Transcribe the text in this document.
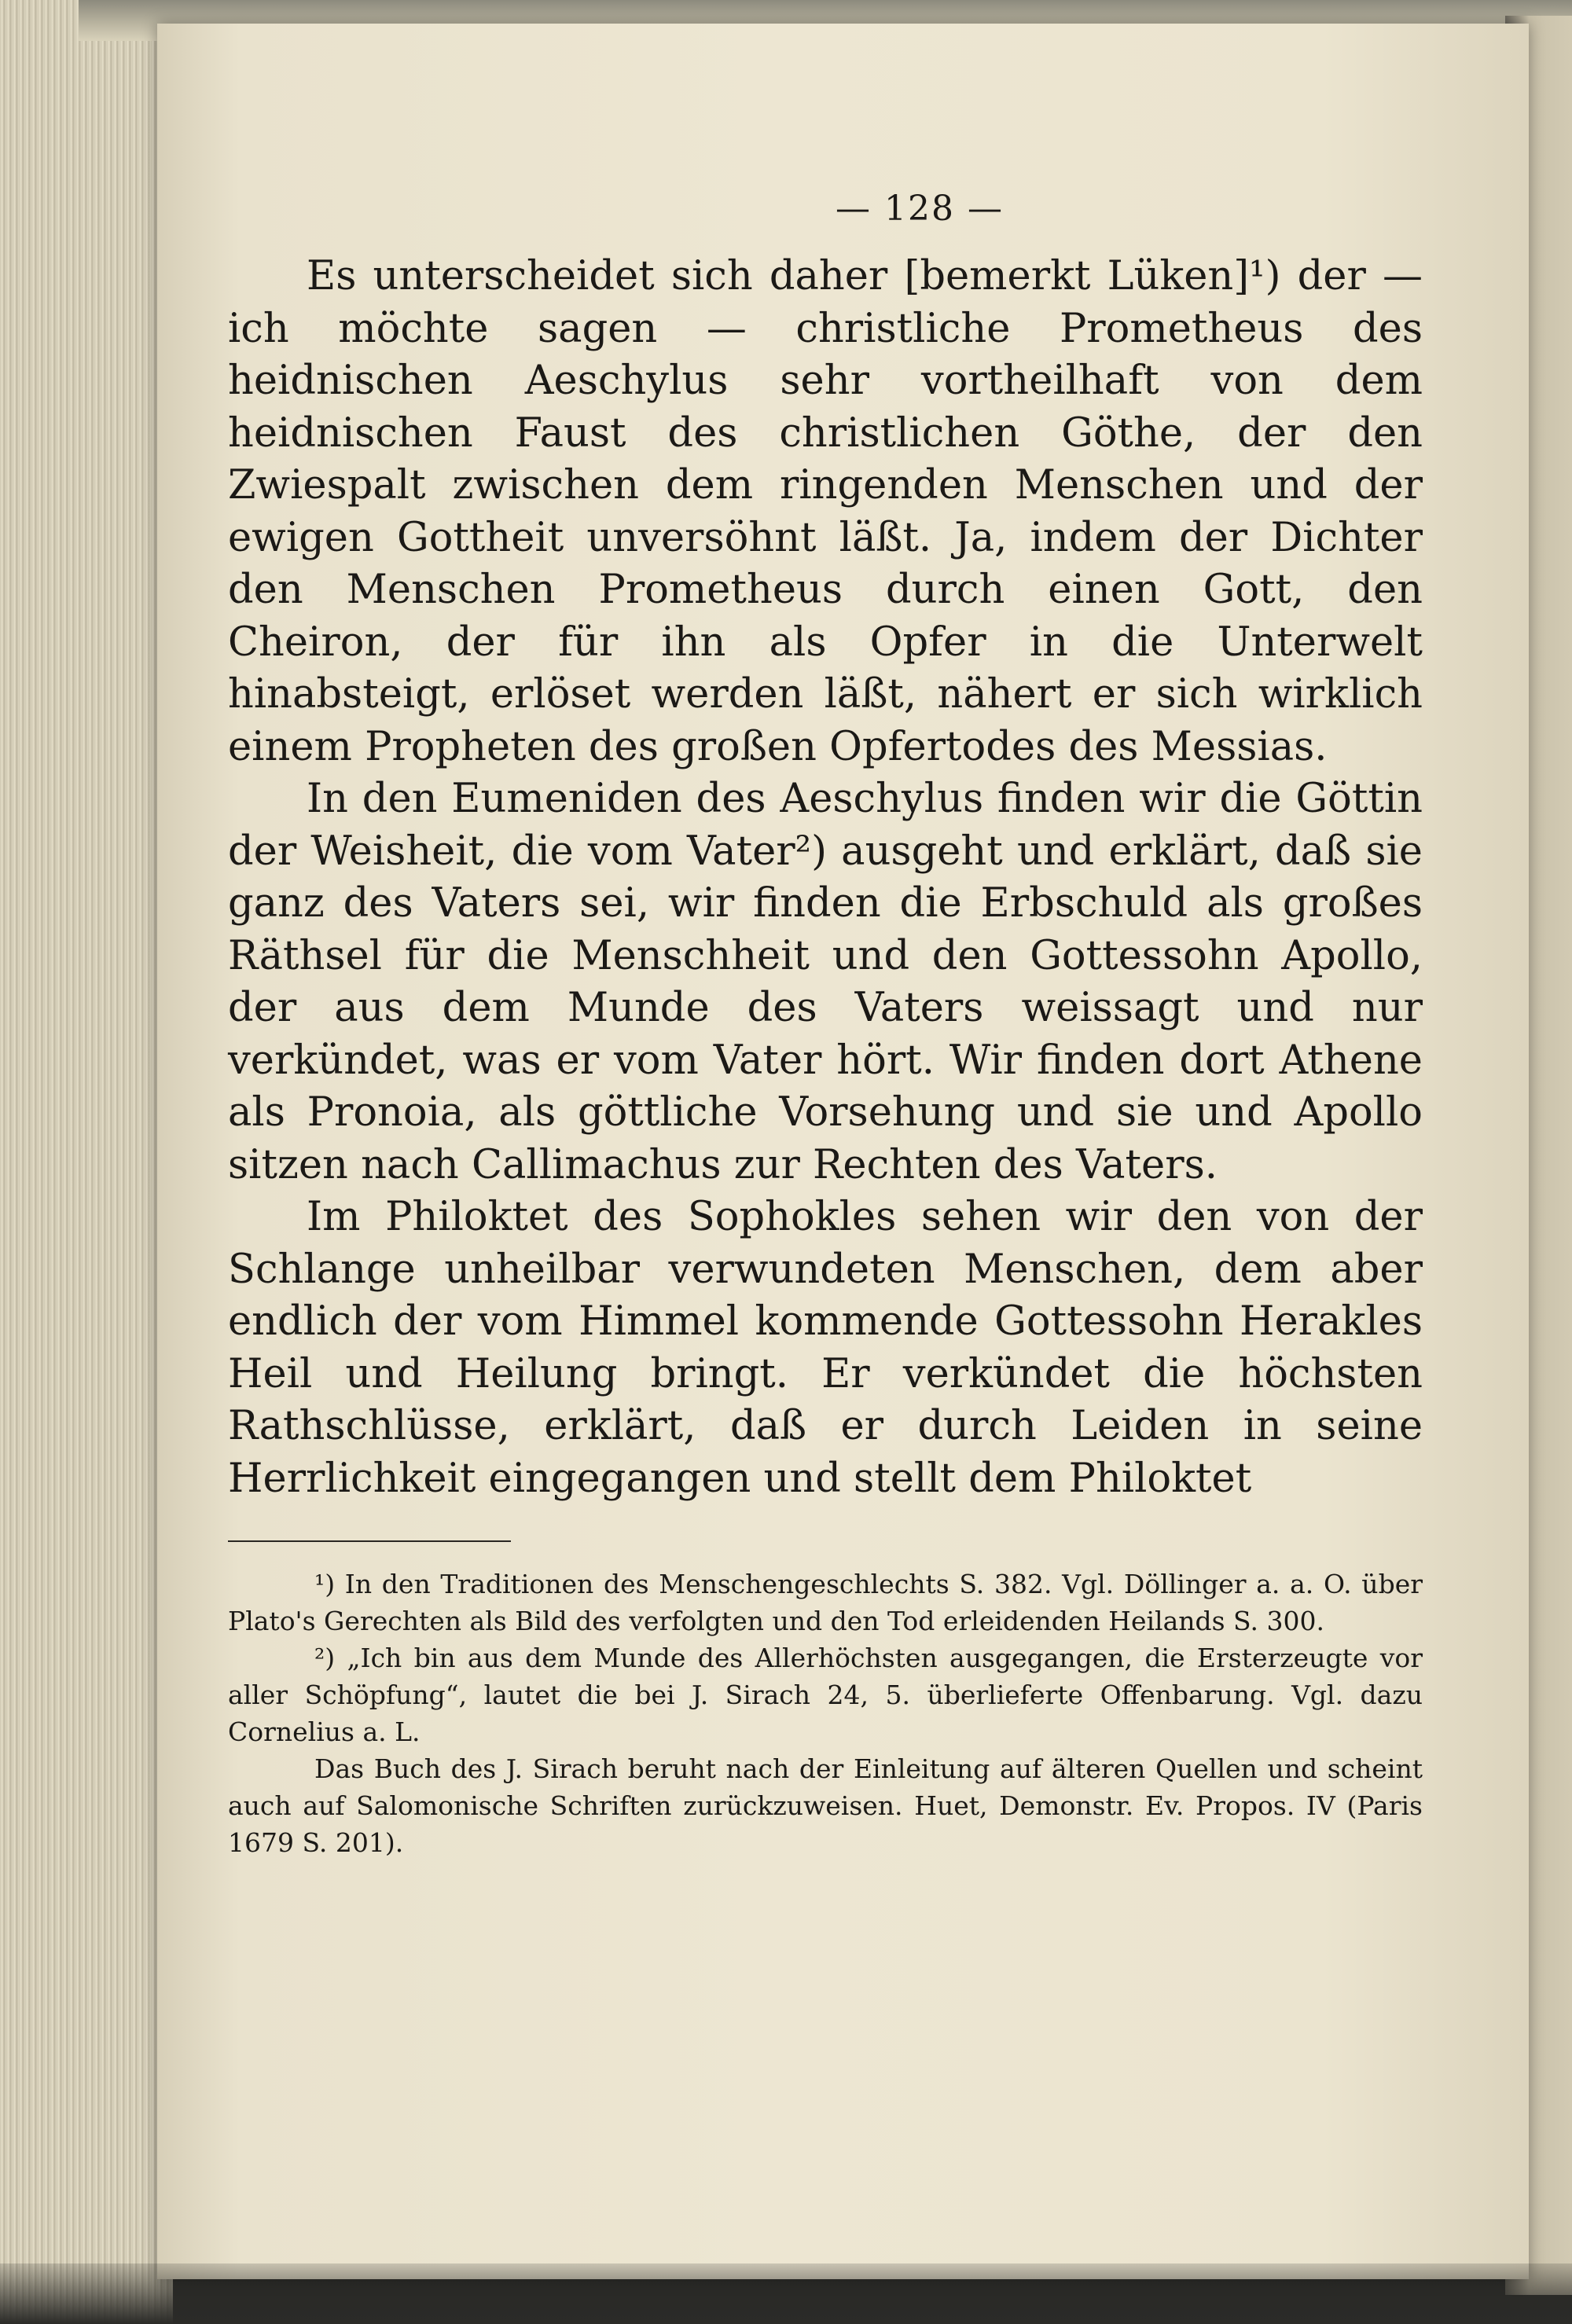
— 128 —

Es unterscheidet sich daher [bemerkt Lüken]¹) der — ich möchte sagen — christliche Prometheus des heidnischen Aeschylus sehr vortheilhaft von dem heidnischen Faust des christlichen Göthe, der den Zwiespalt zwischen dem ringenden Menschen und der ewigen Gottheit unversöhnt läßt. Ja, indem der Dichter den Menschen Prometheus durch einen Gott, den Cheiron, der für ihn als Opfer in die Unterwelt hinabsteigt, erlöset werden läßt, nähert er sich wirklich einem Propheten des großen Opfertodes des Messias.

In den Eumeniden des Aeschylus finden wir die Göttin der Weisheit, die vom Vater²) ausgeht und erklärt, daß sie ganz des Vaters sei, wir finden die Erbschuld als großes Räthsel für die Menschheit und den Gottessohn Apollo, der aus dem Munde des Vaters weissagt und nur verkündet, was er vom Vater hört. Wir finden dort Athene als Pronoia, als göttliche Vorsehung und sie und Apollo sitzen nach Callimachus zur Rechten des Vaters.

Im Philoktet des Sophokles sehen wir den von der Schlange unheilbar verwundeten Menschen, dem aber endlich der vom Himmel kommende Gottessohn Herakles Heil und Heilung bringt. Er verkündet die höchsten Rathschlüsse, erklärt, daß er durch Leiden in seine Herrlichkeit eingegangen und stellt dem Philoktet

¹) In den Traditionen des Menschengeschlechts S. 382. Vgl. Döllinger a. a. O. über Plato's Gerechten als Bild des verfolgten und den Tod erleidenden Heilands S. 300.

²) „Ich bin aus dem Munde des Allerhöchsten ausgegangen, die Ersterzeugte vor aller Schöpfung“, lautet die bei J. Sirach 24, 5. überlieferte Offenbarung. Vgl. dazu Cornelius a. L.

Das Buch des J. Sirach beruht nach der Einleitung auf älteren Quellen und scheint auch auf Salomonische Schriften zurückzuweisen. Huet, Demonstr. Ev. Propos. IV (Paris 1679 S. 201).
